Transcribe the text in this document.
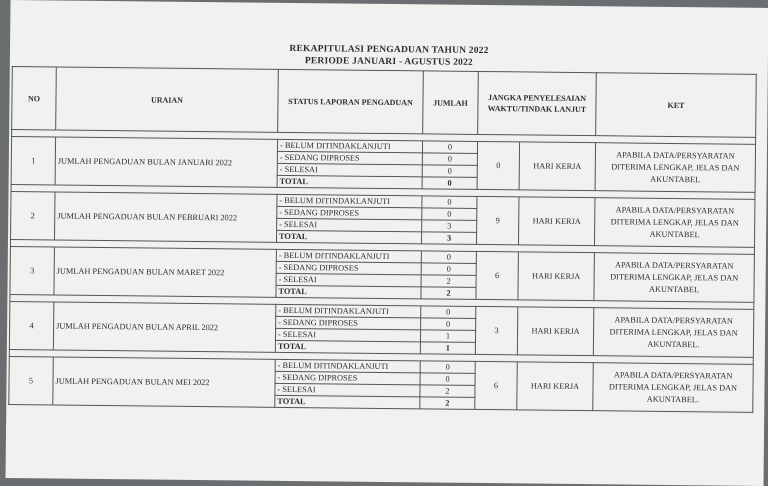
REKAPITULASI PENGADUAN TAHUN 2022
PERIODE JANUARI - AGUSTUS 2022
NO	URAIAN	STATUS LAPORAN PENGADUAN	JUMLAH	JANGKA PENYELESAIAN WAKTU/TINDAK LANJUT		KET

1	JUMLAH PENGADUAN BULAN JANUARI 2022	- BELUM DITINDAKLANJUTI	0	0	HARI KERJA	APABILA DATA/PERSYARATAN DITERIMA LENGKAP, JELAS DAN AKUNTABEL
		- SEDANG DIPROSES	0			
		- SELESAI	0			
		TOTAL	0			

2	JUMLAH PENGADUAN BULAN PEBRUARI 2022	- BELUM DITINDAKLANJUTI	0	9	HARI KERJA	APABILA DATA/PERSYARATAN DITERIMA LENGKAP, JELAS DAN AKUNTABEL
		- SEDANG DIPROSES	0			
		- SELESAI	3			
		TOTAL	3			

3	JUMLAH PENGADUAN BULAN MARET 2022	- BELUM DITINDAKLANJUTI	0	6	HARI KERJA	APABILA DATA/PERSYARATAN DITERIMA LENGKAP, JELAS DAN AKUNTABEL
		- SEDANG DIPROSES	0			
		- SELESAI	2			
		TOTAL	2			

4	JUMLAH PENGADUAN BULAN APRIL 2022	- BELUM DITINDAKLANJUTI	0	3	HARI KERJA	APABILA DATA/PERSYARATAN DITERIMA LENGKAP, JELAS DAN AKUNTABEL.
		- SEDANG DIPROSES	0			
		- SELESAI	1			
		TOTAL	1			

5	JUMLAH PENGADUAN BULAN MEI 2022	- BELUM DITINDAKLANJUTI	0	6	HARI KERJA	APABILA DATA/PERSYARATAN DITERIMA LENGKAP, JELAS DAN AKUNTABEL.
		- SEDANG DIPROSES	0			
		- SELESAI	2			
		TOTAL	2			
